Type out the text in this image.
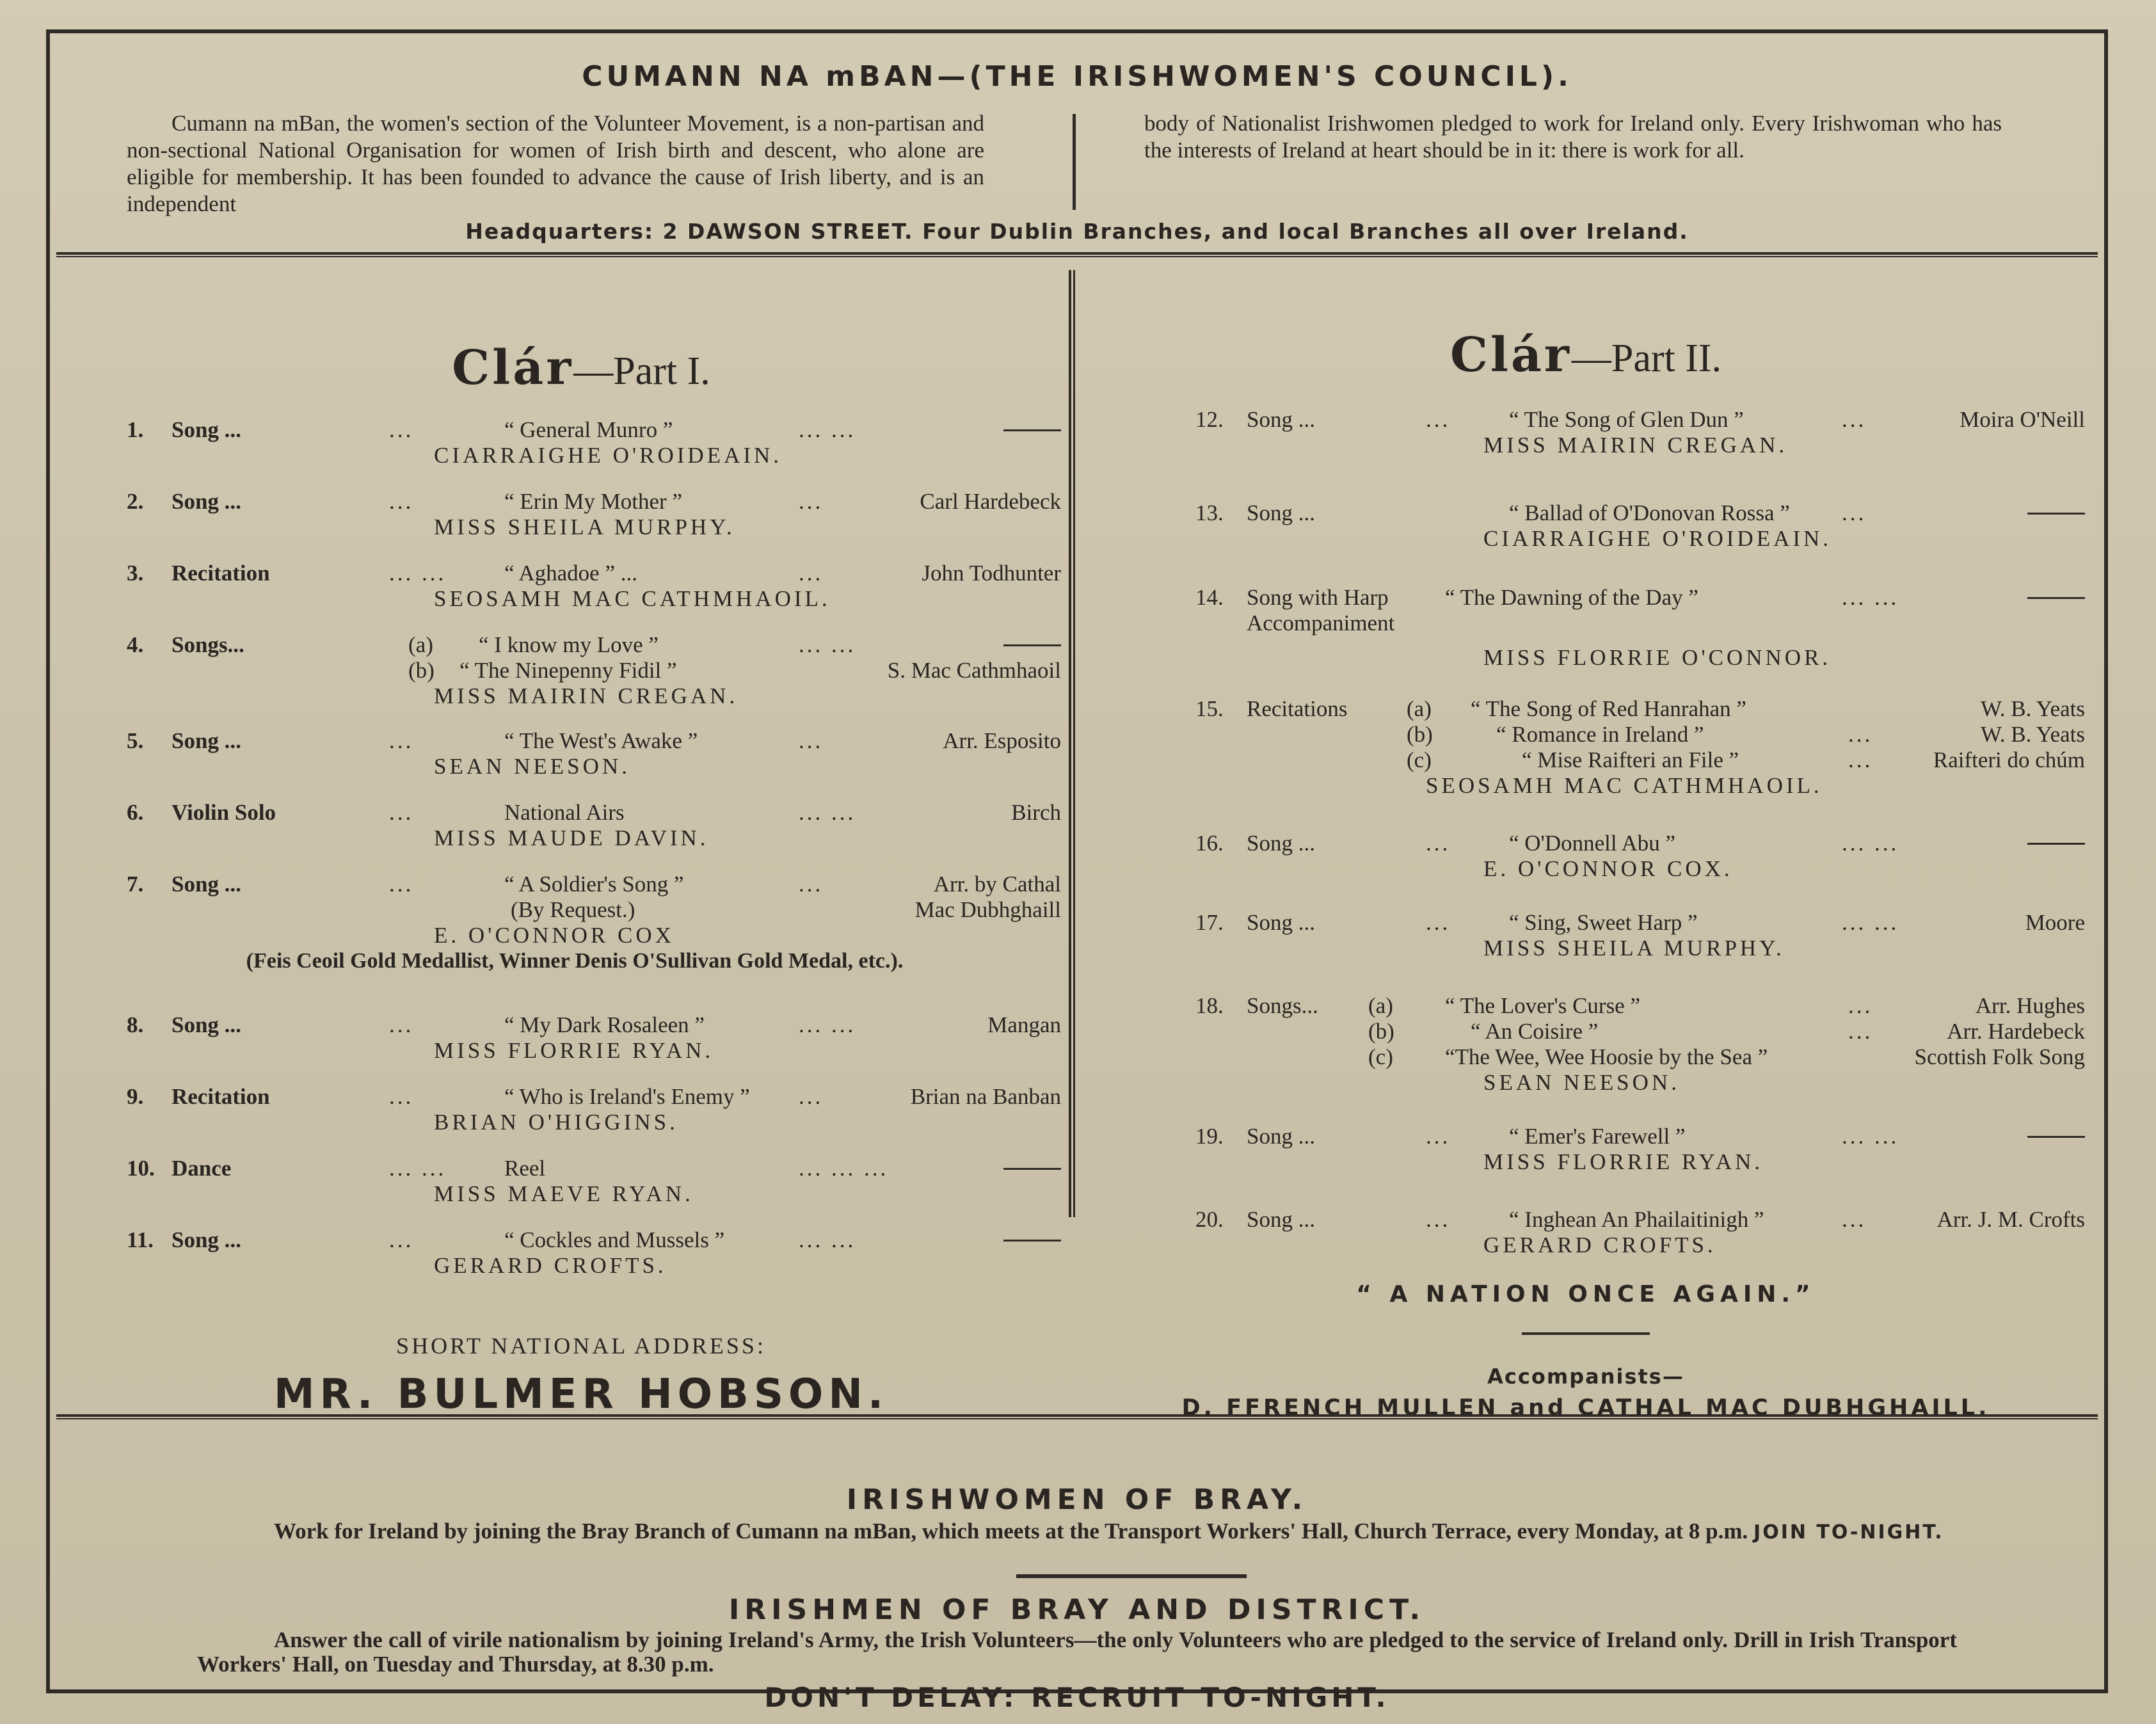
CUMANN NA mBAN—(THE IRISHWOMEN'S COUNCIL).
Cumann na mBan, the women's section of the Volunteer Movement, is a non-partisan and non-sectional National Organisation for women of Irish birth and descent, who alone are eligible for membership. It has been founded to advance the cause of Irish liberty, and is an independent
body of Nationalist Irishwomen pledged to work for Ireland only. Every Irishwoman who has the interests of Ireland at heart should be in it: there is work for all.
Headquarters: 2 DAWSON STREET. Four Dublin Branches, and local Branches all over Ireland.
Clár—Part I.
1. Song ...	...	“ General Munro ”	... ...
CIARRAIGHE O'ROIDEAIN.
2. Song ...	...	“ Erin My Mother ”	...	Carl Hardebeck
MISS SHEILA MURPHY.
3. Recitation	... ...	“ Aghadoe ” ...	...	John Todhunter
SEOSAMH MAC CATHMHAOIL.
4. Songs...	(a) “ I know my Love ”	... ...
(b) “ The Ninepenny Fidil ”	S. Mac Cathmhaoil
MISS MAIRIN CREGAN.
5. Song ...	...	“ The West's Awake ”	...	Arr. Esposito
SEAN NEESON.
6. Violin Solo	...	National Airs	... ...	Birch
MISS MAUDE DAVIN.
7. Song ...	...	“ A Soldier's Song ”	...	Arr. by Cathal
(By Request.)	Mac Dubhghaill
E. O'CONNOR COX
(Feis Ceoil Gold Medallist, Winner Denis O'Sullivan Gold Medal, etc.).
8. Song ...	...	“ My Dark Rosaleen ”	... ...	Mangan
MISS FLORRIE RYAN.
9. Recitation	...	“ Who is Ireland's Enemy ” ...	Brian na Banban
BRIAN O'HIGGINS.
10. Dance	... ...	Reel	... ... ...
MISS MAEVE RYAN.
11. Song ...	...	“ Cockles and Mussels ”	... ...
GERARD CROFTS.
SHORT NATIONAL ADDRESS:
MR. BULMER HOBSON.
Clár—Part II.
12. Song ...	...	“ The Song of Glen Dun ”	...	Moira O'Neill
MISS MAIRIN CREGAN.
13. Song ...	“ Ballad of O'Donovan Rossa ” ...
CIARRAIGHE O'ROIDEAIN.
14. Song with Harp	“ The Dawning of the Day ”	... ...
Accompaniment
MISS FLORRIE O'CONNOR.
15. Recitations	(a) “ The Song of Red Hanrahan ”	W. B. Yeats
(b)	“ Romance in Ireland ”	...	W. B. Yeats
(c)	“ Mise Raifteri an File ”	...	Raifteri do chúm
SEOSAMH MAC CATHMHAOIL.
16. Song ...	...	“ O'Donnell Abu ”	... ...
E. O'CONNOR COX.
17. Song ...	...	“ Sing, Sweet Harp ”	... ...	Moore
MISS SHEILA MURPHY.
18. Songs... (a) “ The Lover's Curse ”	...	Arr. Hughes
(b)	“ An Coisire ”	...	Arr. Hardebeck
(c) “The Wee, Wee Hoosie by the Sea ”	Scottish Folk Song
SEAN NEESON.
19. Song ...	...	“ Emer's Farewell ”	... ...
MISS FLORRIE RYAN.
20. Song ...	...	“ Inghean An Phailaitinigh ”	...	Arr. J. M. Crofts
GERARD CROFTS.
“ A NATION ONCE AGAIN.”
Accompanists—
D. FFRENCH MULLEN and CATHAL MAC DUBHGHAILL.
IRISHWOMEN OF BRAY.
Work for Ireland by joining the Bray Branch of Cumann na mBan, which meets at the Transport Workers' Hall, Church Terrace, every Monday, at 8 p.m. JOIN TO-NIGHT.
IRISHMEN OF BRAY AND DISTRICT.
Answer the call of virile nationalism by joining Ireland's Army, the Irish Volunteers—the only Volunteers who are pledged to the service of Ireland only. Drill in Irish Transport Workers' Hall, on Tuesday and Thursday, at 8.30 p.m.
DON'T DELAY: RECRUIT TO-NIGHT.
